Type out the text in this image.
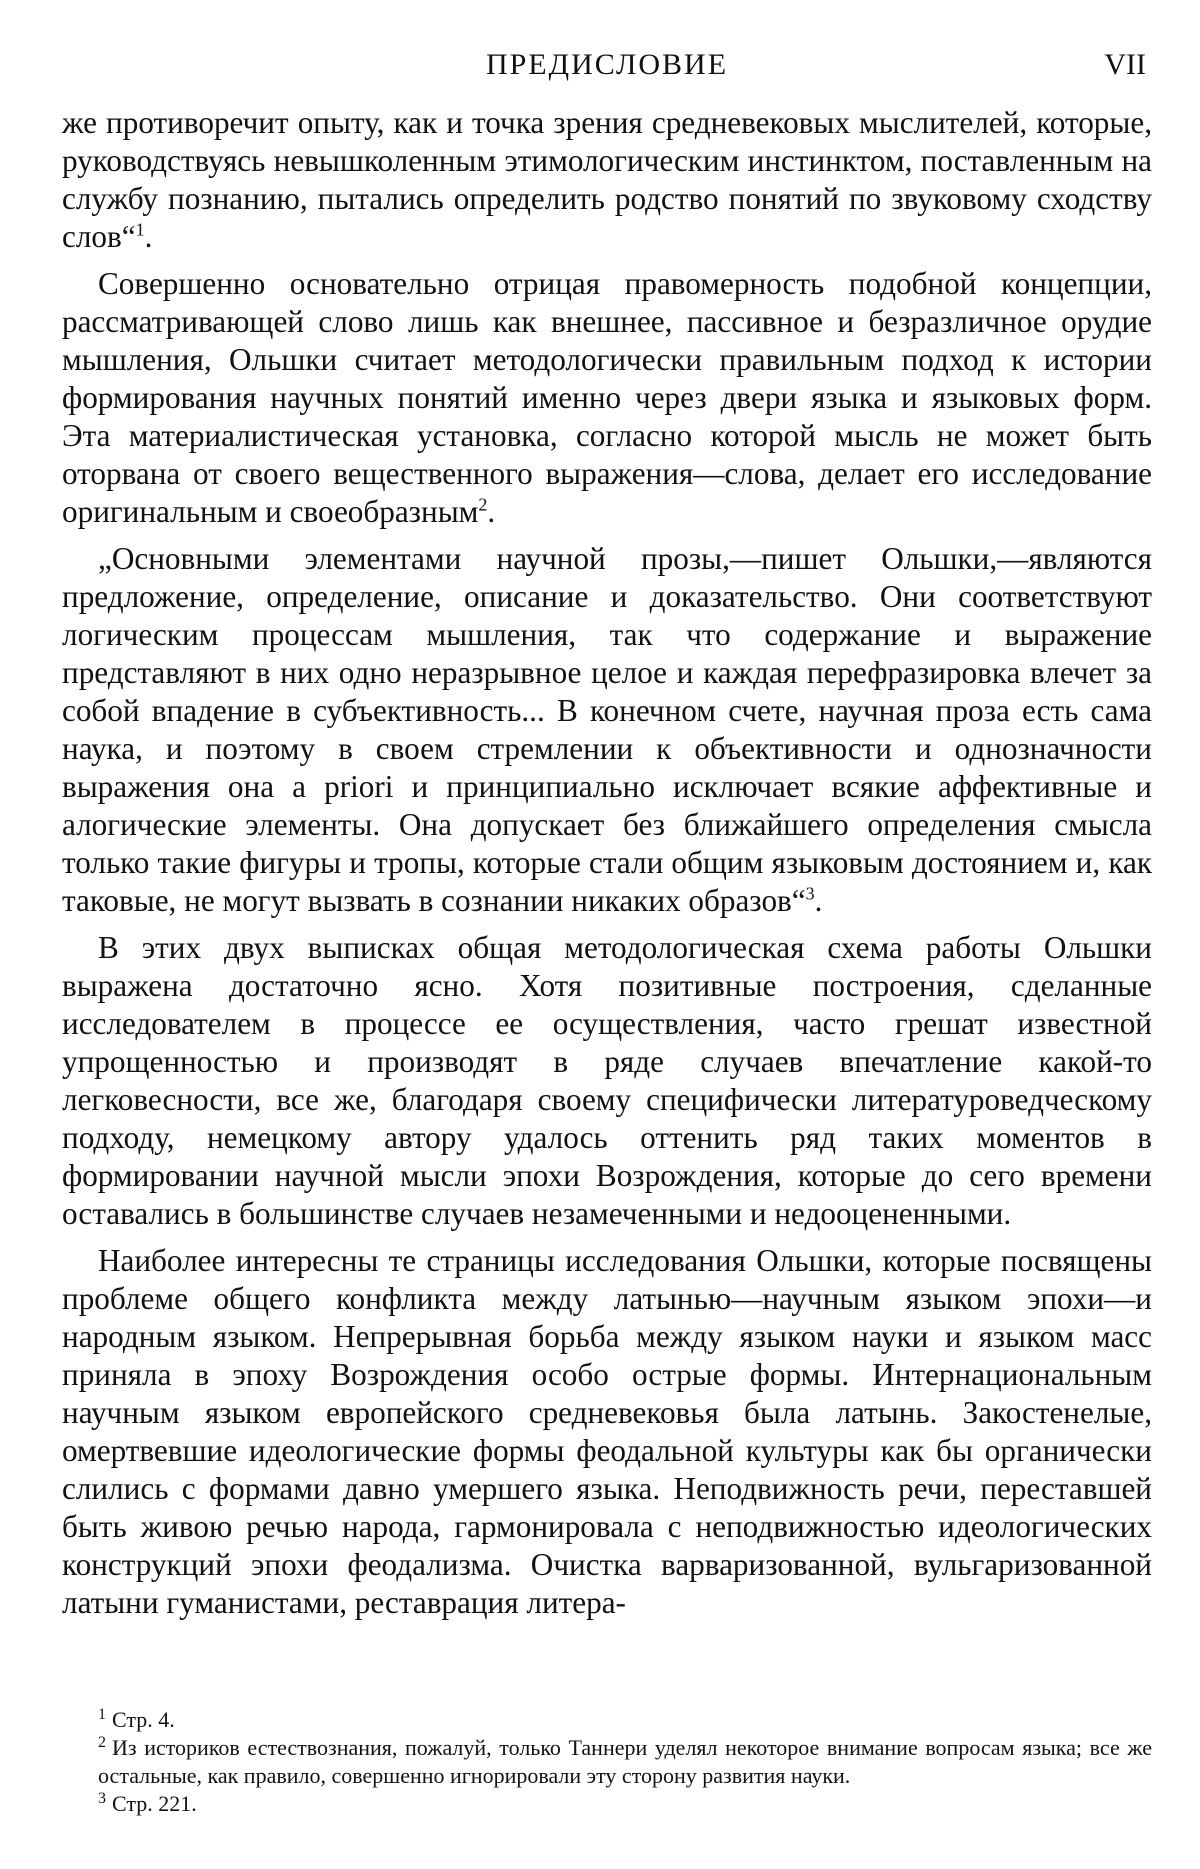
ПРЕДИСЛОВИЕ	VII

же противоречит опыту, как и точка зрения средневековых мыслителей, которые, руководствуясь невышколенным этимологическим инстинктом, поставленным на службу познанию, пытались определить родство понятий по звуковому сходству слов“$^1$.

Совершенно основательно отрицая правомерность подобной концепции, рассматривающей слово лишь как внешнее, пассивное и безразличное орудие мышления, Ольшки считает методологически правильным подход к истории формирования научных понятий именно через двери языка и языковых форм. Эта материалистическая установка, согласно которой мысль не может быть оторвана от своего вещественного выражения—слова, делает его исследование оригинальным и своеобразным$^2$.

„Основными элементами научной прозы,—пишет Ольшки,—являются предложение, определение, описание и доказательство. Они соответствуют логическим процессам мышления, так что содержание и выражение представляют в них одно неразрывное целое и каждая перефразировка влечет за собой впадение в субъективность... В конечном счете, научная проза есть сама наука, и поэтому в своем стремлении к объективности и однозначности выражения она a priori и принципиально исключает всякие аффективные и алогические элементы. Она допускает без ближайшего определения смысла только такие фигуры и тропы, которые стали общим языковым достоянием и, как таковые, не могут вызвать в сознании никаких образов“$^3$.

В этих двух выписках общая методологическая схема работы Ольшки выражена достаточно ясно. Хотя позитивные построения, сделанные исследователем в процессе ее осуществления, часто грешат известной упрощенностью и производят в ряде случаев впечатление какой-то легковесности, все же, благодаря своему специфически литературоведческому подходу, немецкому автору удалось оттенить ряд таких моментов в формировании научной мысли эпохи Возрождения, которые до сего времени оставались в большинстве случаев незамеченными и недооцененными.

Наиболее интересны те страницы исследования Ольшки, которые посвящены проблеме общего конфликта между латынью—научным языком эпохи—и народным языком. Непрерывная борьба между языком науки и языком масс приняла в эпоху Возрождения особо острые формы. Интернациональным научным языком европейского средневековья была латынь. Закостенелые, омертвевшие идеологические формы феодальной культуры как бы органически слились с формами давно умершего языка. Неподвижность речи, переставшей быть живою речью народа, гармонировала с неподвижностью идеологических конструкций эпохи феодализма. Очистка варваризованной, вульгаризованной латыни гуманистами, реставрация литера-

$^1$ Стр. 4.

$^2$ Из историков естествознания, пожалуй, только Таннери уделял некоторое внимание вопросам языка; все же остальные, как правило, совершенно игнорировали эту сторону развития науки.

$^3$ Стр. 221.
